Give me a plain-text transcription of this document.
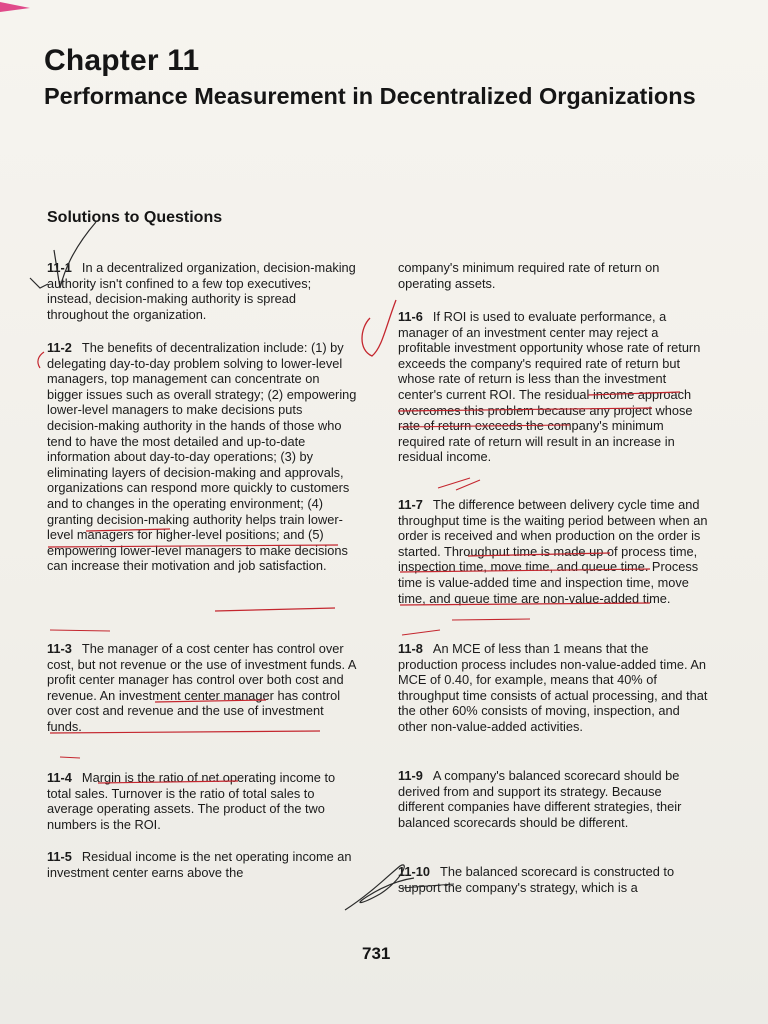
Chapter 11
Performance Measurement in Decentralized Organizations
Solutions to Questions

11-1 In a decentralized organization, decision-making authority isn't confined to a few top executives; instead, decision-making authority is spread throughout the organization.

11-2 The benefits of decentralization include: (1) by delegating day-to-day problem solving to lower-level managers, top management can concentrate on bigger issues such as overall strategy; (2) empowering lower-level managers to make decisions puts decision-making authority in the hands of those who tend to have the most detailed and up-to-date information about day-to-day operations; (3) by eliminating layers of decision-making and approvals, organizations can respond more quickly to customers and to changes in the operating environment; (4) granting decision-making authority helps train lower-level managers for higher-level positions; and (5) empowering lower-level managers to make decisions can increase their motivation and job satisfaction.

11-3 The manager of a cost center has control over cost, but not revenue or the use of investment funds. A profit center manager has control over both cost and revenue. An investment center manager has control over cost and revenue and the use of investment funds.

11-4 Margin is the ratio of net operating income to total sales. Turnover is the ratio of total sales to average operating assets. The product of the two numbers is the ROI.

11-5 Residual income is the net operating income an investment center earns above the

company's minimum required rate of return on operating assets.

11-6 If ROI is used to evaluate performance, a manager of an investment center may reject a profitable investment opportunity whose rate of return exceeds the company's required rate of return but whose rate of return is less than the investment center's current ROI. The residual income approach overcomes this problem because any project whose rate of return exceeds the company's minimum required rate of return will result in an increase in residual income.

11-7 The difference between delivery cycle time and throughput time is the waiting period between when an order is received and when production on the order is started. Throughput time is made up of process time, inspection time, move time, and queue time. Process time is value-added time and inspection time, move time, and queue time are non-value-added time.

11-8 An MCE of less than 1 means that the production process includes non-value-added time. An MCE of 0.40, for example, means that 40% of throughput time consists of actual processing, and that the other 60% consists of moving, inspection, and other non-value-added activities.

11-9 A company's balanced scorecard should be derived from and support its strategy. Because different companies have different strategies, their balanced scorecards should be different.

11-10 The balanced scorecard is constructed to support the company's strategy, which is a

731
